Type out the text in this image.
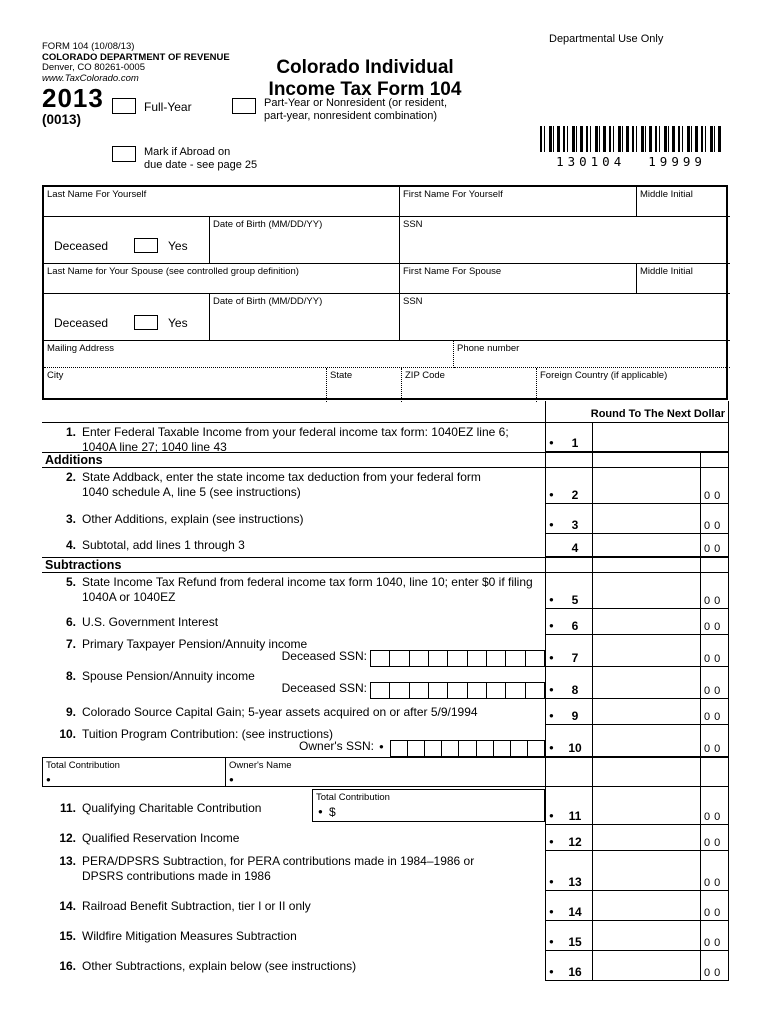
Departmental Use Only
FORM 104 (10/08/13)
COLORADO DEPARTMENT OF REVENUE
Denver, CO 80261-0005
www.TaxColorado.com
2013
(0013)
Colorado Individual
Income Tax Form 104
Full-Year	Part-Year or Nonresident (or resident,
part-year, nonresident combination)
Mark if Abroad on
due date - see page 25	130104  19999
Last Name For Yourself	First Name For Yourself	Middle Initial
Deceased	Yes
Date of Birth (MM/DD/YY)	SSN
Last Name for Your Spouse (see controlled group definition)	First Name For Spouse	Middle Initial
Deceased	Yes
Date of Birth (MM/DD/YY)	SSN
Mailing Address	Phone number
City	State	ZIP Code	Foreign Country (if applicable)
Round To The Next Dollar
1. Enter Federal Taxable Income from your federal income tax form: 1040EZ line 6;
1040A line 27; 1040 line 43	●	1
Additions
2. State Addback, enter the state income tax deduction from your federal form
1040 schedule A, line 5 (see instructions)	●	2	00
3. Other Additions, explain (see instructions)	●	3	00
4. Subtotal, add lines 1 through 3	4	00
Subtractions
5. State Income Tax Refund from federal income tax form 1040, line 10; enter $0 if filing
1040A or 1040EZ	●	5	00
6. U.S. Government Interest	●	6	00
7. Primary Taxpayer Pension/Annuity income
Deceased SSN:	●	7	00
8. Spouse Pension/Annuity income
Deceased SSN:	●	8	00
9. Colorado Source Capital Gain; 5-year assets acquired on or after 5/9/1994	●	9	00
10. Tuition Program Contribution: (see instructions)
Owner's SSN: ●	●	10	00
Total Contribution
●
Owner's Name
●
11. Qualifying Charitable Contribution
Total Contribution
● $	●	11	00
12. Qualified Reservation Income	●	12	00
13. PERA/DPSRS Subtraction, for PERA contributions made in 1984–1986 or
DPSRS contributions made in 1986	●	13	00
14. Railroad Benefit Subtraction, tier I or II only	●	14	00
15. Wildfire Mitigation Measures Subtraction	●	15	00
16. Other Subtractions, explain below (see instructions)	●	16	00
